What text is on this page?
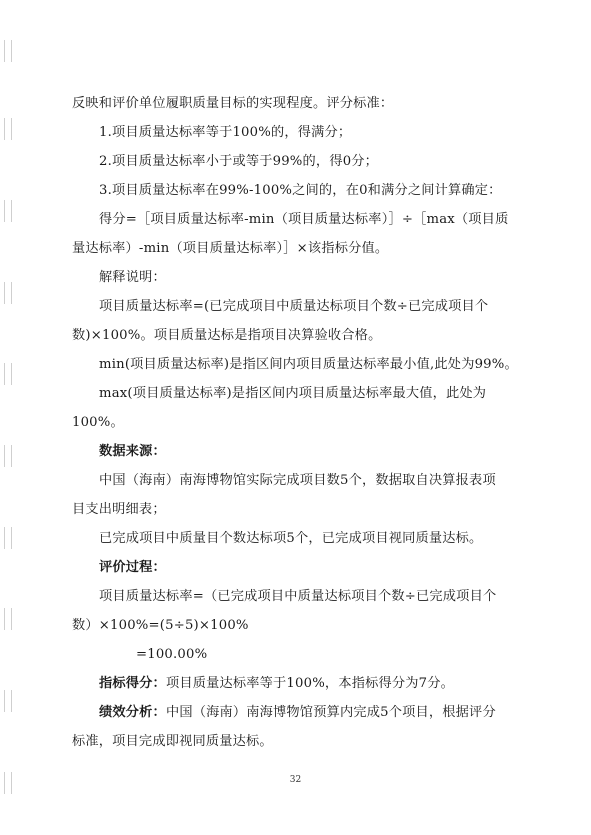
反映和评价单位履职质量目标的实现程度。评分标准：
1.项目质量达标率等于100%的，得满分；
2.项目质量达标率小于或等于99%的，得0分；
3.项目质量达标率在99%-100%之间的，在0和满分之间计算确定：
得分=［项目质量达标率-min（项目质量达标率）］÷［max（项目质
量达标率）-min（项目质量达标率）］×该指标分值。
解释说明：
项目质量达标率=(已完成项目中质量达标项目个数÷已完成项目个
数)×100%。项目质量达标是指项目决算验收合格。
min(项目质量达标率)是指区间内项目质量达标率最小值,此处为99%。
max(项目质量达标率)是指区间内项目质量达标率最大值，此处为
100%。
数据来源：
中国（海南）南海博物馆实际完成项目数5个，数据取自决算报表项
目支出明细表；
已完成项目中质量目个数达标项5个，已完成项目视同质量达标。
评价过程：
项目质量达标率=（已完成项目中质量达标项目个数÷已完成项目个
数）×100%=(5÷5)×100%
=100.00%
指标得分：项目质量达标率等于100%，本指标得分为7分。
绩效分析：中国（海南）南海博物馆预算内完成5个项目，根据评分
标准，项目完成即视同质量达标。
32
